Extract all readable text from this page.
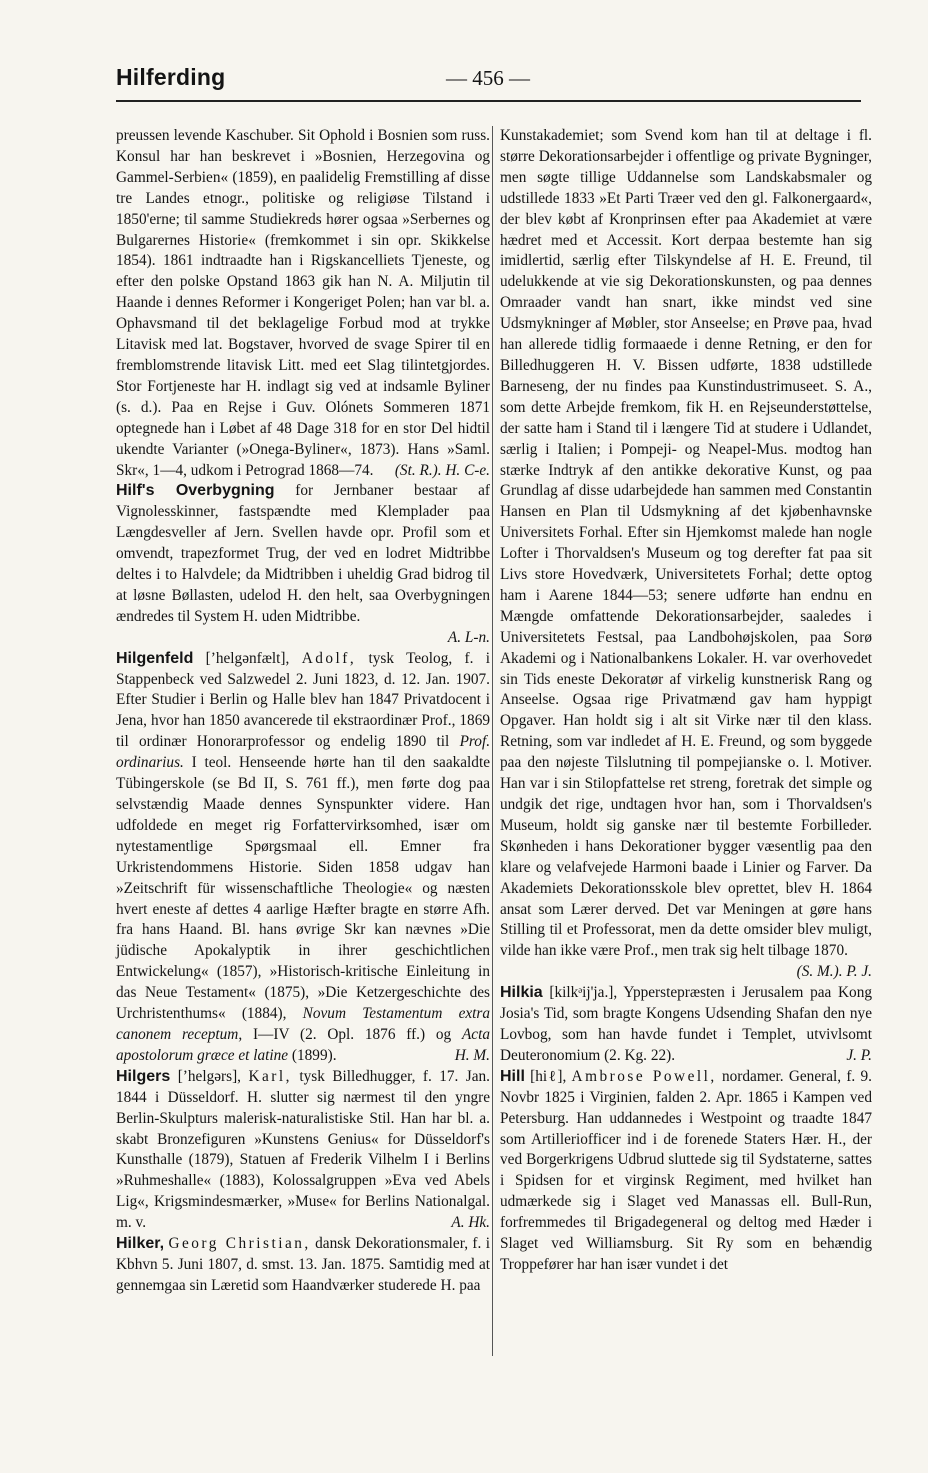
Hilferding	— 456 —

preussen levende Kaschuber. Sit Ophold i Bosnien som russ. Konsul har han beskrevet i »Bosnien, Herzegovina og Gammel-Serbien« (1859), en paalidelig Fremstilling af disse tre Landes etnogr., politiske og religiøse Tilstand i 1850'erne; til samme Studiekreds hører ogsaa »Serbernes og Bulgarernes Historie« (fremkommet i sin opr. Skikkelse 1854). 1861 indtraadte han i Rigskancelliets Tjeneste, og efter den polske Opstand 1863 gik han N. A. Miljutin til Haande i dennes Reformer i Kongeriget Polen; han var bl. a. Ophavsmand til det beklagelige Forbud mod at trykke Litavisk med lat. Bogstaver, hvorved de svage Spirer til en fremblomstrende litavisk Litt. med eet Slag tilintetgjordes. Stor Fortjeneste har H. indlagt sig ved at indsamle Byliner (s. d.). Paa en Rejse i Guv. Olónets Sommeren 1871 optegnede han i Løbet af 48 Dage 318 for en stor Del hidtil ukendte Varianter (»Onega-Byliner«, 1873). Hans »Saml. Skr«, 1—4, udkom i Petrograd 1868—74. (St. R.). H. C-e.

Hilf's Overbygning for Jernbaner bestaar af Vignolesskinner, fastspændte med Klemplader paa Længdesveller af Jern. Svellen havde opr. Profil som et omvendt, trapezformet Trug, der ved en lodret Midtribbe deltes i to Halvdele; da Midtribben i uheldig Grad bidrog til at løsne Bøllasten, udelod H. den helt, saa Overbygningen ændredes til System H. uden Midtribbe.
A. L-n.

Hilgenfeld [ʼhelgənfælt], Adolf, tysk Teolog, f. i Stappenbeck ved Salzwedel 2. Juni 1823, d. 12. Jan. 1907. Efter Studier i Berlin og Halle blev han 1847 Privatdocent i Jena, hvor han 1850 avancerede til ekstraordinær Prof., 1869 til ordinær Honorarprofessor og endelig 1890 til Prof. ordinarius. I teol. Henseende hørte han til den saakaldte Tübingerskole (se Bd II, S. 761 ff.), men førte dog paa selvstændig Maade dennes Synspunkter videre. Han udfoldede en meget rig Forfattervirksomhed, især om nytestamentlige Spørgsmaal ell. Emner fra Urkristendommens Historie. Siden 1858 udgav han »Zeitschrift für wissenschaftliche Theologie« og næsten hvert eneste af dettes 4 aarlige Hæfter bragte en større Afh. fra hans Haand. Bl. hans øvrige Skr kan nævnes »Die jüdische Apokalyptik in ihrer geschichtlichen Entwickelung« (1857), »Historisch-kritische Einleitung in das Neue Testament« (1875), »Die Ketzergeschichte des Urchristenthums« (1884), Novum Testamentum extra canonem receptum, I—IV (2. Opl. 1876 ff.) og Acta apostolorum græce et latine (1899).	H. M.

Hilgers [ʼhelgərs], Karl, tysk Billedhugger, f. 17. Jan. 1844 i Düsseldorf. H. slutter sig nærmest til den yngre Berlin-Skulpturs malerisk-naturalistiske Stil. Han har bl. a. skabt Bronzefiguren »Kunstens Genius« for Düsseldorf's Kunsthalle (1879), Statuen af Frederik Vilhelm I i Berlins »Ruhmeshalle« (1883), Kolossalgruppen »Eva ved Abels Lig«, Krigsmindesmærker, »Muse« for Berlins Nationalgal. m. v.	A. Hk.

Hilker, Georg Christian, dansk Dekorationsmaler, f. i Kbhvn 5. Juni 1807, d. smst. 13. Jan. 1875. Samtidig med at gennemgaa sin Læretid som Haandværker studerede H. paa

Kunstakademiet; som Svend kom han til at deltage i fl. større Dekorationsarbejder i offentlige og private Bygninger, men søgte tillige Uddannelse som Landskabsmaler og udstillede 1833 »Et Parti Træer ved den gl. Falkonergaard«, der blev købt af Kronprinsen efter paa Akademiet at være hædret med et Accessit. Kort derpaa bestemte han sig imidlertid, særlig efter Tilskyndelse af H. E. Freund, til udelukkende at vie sig Dekorationskunsten, og paa dennes Omraader vandt han snart, ikke mindst ved sine Udsmykninger af Møbler, stor Anseelse; en Prøve paa, hvad han allerede tidlig formaaede i denne Retning, er den for Billedhuggeren H. V. Bissen udførte, 1838 udstillede Barneseng, der nu findes paa Kunstindustrimuseet. S. A., som dette Arbejde fremkom, fik H. en Rejseunderstøttelse, der satte ham i Stand til i længere Tid at studere i Udlandet, særlig i Italien; i Pompeji- og Neapel-Mus. modtog han stærke Indtryk af den antikke dekorative Kunst, og paa Grundlag af disse udarbejdede han sammen med Constantin Hansen en Plan til Udsmykning af det kjøbenhavnske Universitets Forhal. Efter sin Hjemkomst malede han nogle Lofter i Thorvaldsen's Museum og tog derefter fat paa sit Livs store Hovedværk, Universitetets Forhal; dette optog ham i Aarene 1844—53; senere udførte han endnu en Mængde omfattende Dekorationsarbejder, saaledes i Universitetets Festsal, paa Landbohøjskolen, paa Sorø Akademi og i Nationalbankens Lokaler. H. var overhovedet sin Tids eneste Dekoratør af virkelig kunstnerisk Rang og Anseelse. Ogsaa rige Privatmænd gav ham hyppigt Opgaver. Han holdt sig i alt sit Virke nær til den klass. Retning, som var indledet af H. E. Freund, og som byggede paa den nøjeste Tilslutning til pompejianske o. l. Motiver. Han var i sin Stilopfattelse ret streng, foretrak det simple og undgik det rige, undtagen hvor han, som i Thorvaldsen's Museum, holdt sig ganske nær til bestemte Forbilleder. Skønheden i hans Dekorationer bygger væsentlig paa den klare og velafvejede Harmoni baade i Linier og Farver. Da Akademiets Dekorationsskole blev oprettet, blev H. 1864 ansat som Lærer derved. Det var Meningen at gøre hans Stilling til et Professorat, men da dette omsider blev muligt, vilde han ikke være Prof., men trak sig helt tilbage 1870.
(S. M.). P. J.

Hilkia [kilkᵊij'ja.], Ypperstepræsten i Jerusalem paa Kong Josia's Tid, som bragte Kongens Udsending Shafan den nye Lovbog, som han havde fundet i Templet, utvivlsomt Deuteronomium (2. Kg. 22).	J. P.

Hill [hiℓ], Ambrose Powell, nordamer. General, f. 9. Novbr 1825 i Virginien, falden 2. Apr. 1865 i Kampen ved Petersburg. Han uddannedes i Westpoint og traadte 1847 som Artilleriofficer ind i de forenede Staters Hær. H., der ved Borgerkrigens Udbrud sluttede sig til Sydstaterne, sattes i Spidsen for et virginsk Regiment, med hvilket han udmærkede sig i Slaget ved Manassas ell. Bull-Run, forfremmedes til Brigadegeneral og deltog med Hæder i Slaget ved Williamsburg. Sit Ry som en behændig Troppefører har han især vundet i det
